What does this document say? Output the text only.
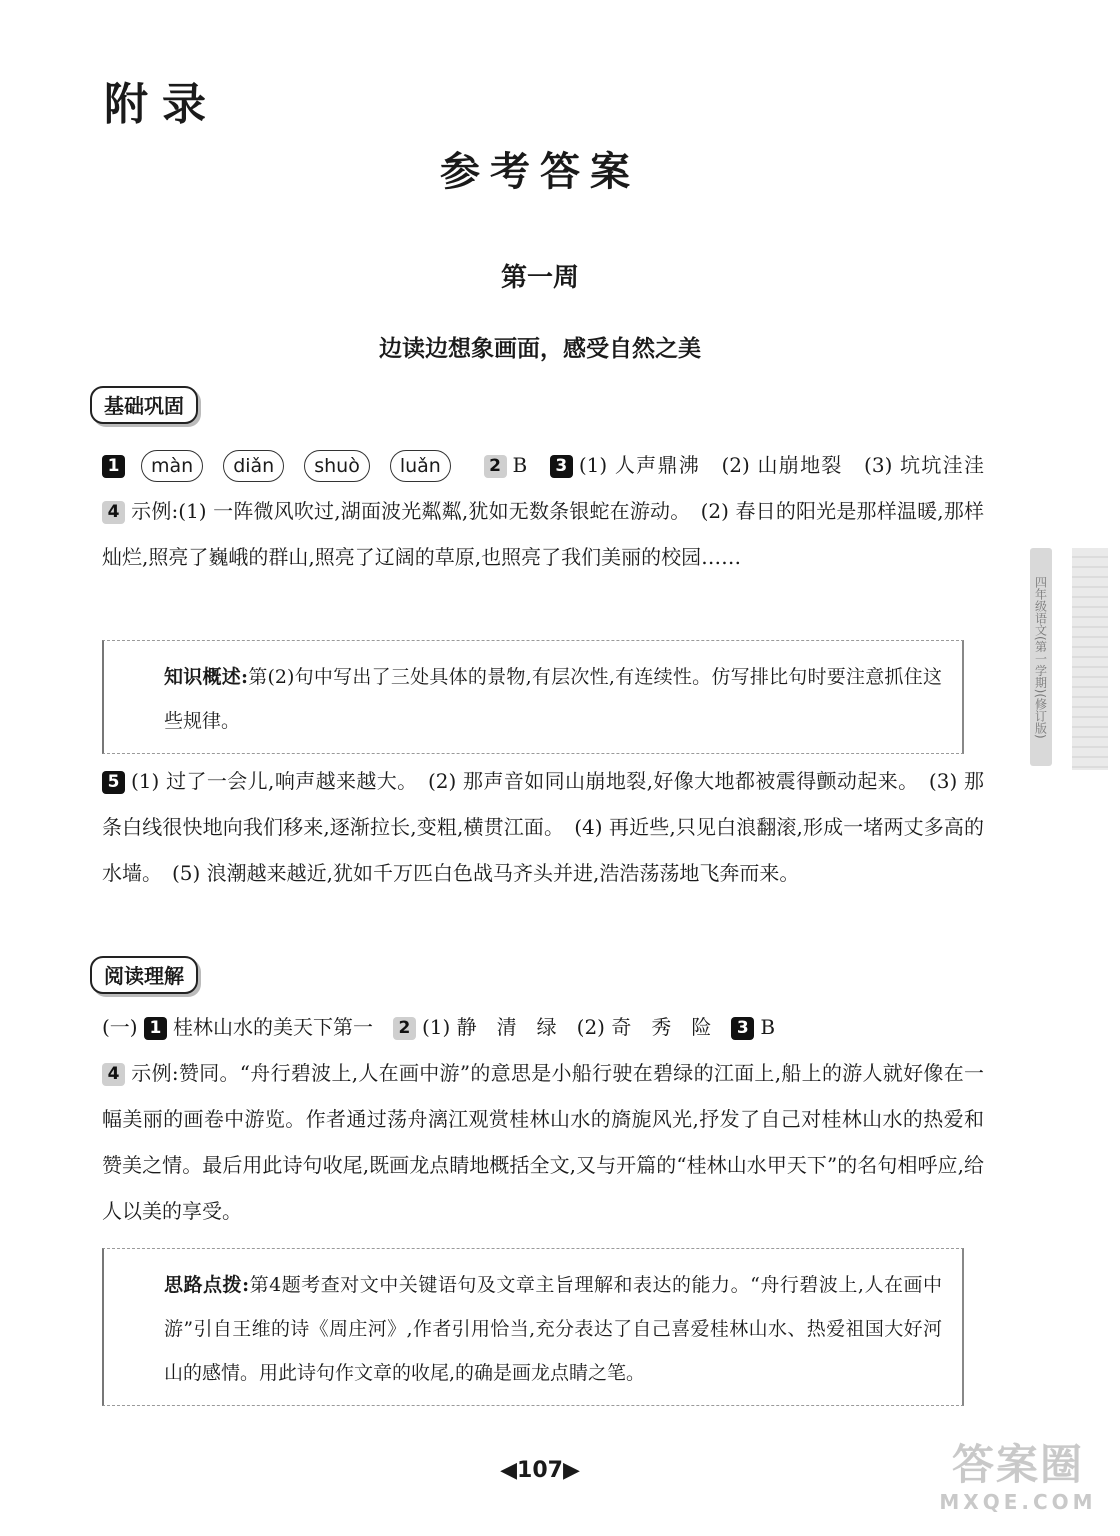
附录
参考答案
第一周
边读边想象画面，感受自然之美
基础巩固

1 màn diǎn shuò luǎn　	2 B　 3 (1) 人声鼎沸　(2) 山崩地裂　(3) 坑坑洼洼　4 示例:(1) 一阵微风吹过,湖面波光粼粼,犹如无数条银蛇在游动。　(2) 春日的阳光是那样温暖,那样灿烂,照亮了巍峨的群山,照亮了辽阔的草原,也照亮了我们美丽的校园……

知识概述:第(2)句中写出了三处具体的景物,有层次性,有连续性。仿写排比句时要注意抓住这些规律。

5 (1) 过了一会儿,响声越来越大。　(2) 那声音如同山崩地裂,好像大地都被震得颤动起来。　(3) 那条白线很快地向我们移来,逐渐拉长,变粗,横贯江面。　(4) 再近些,只见白浪翻滚,形成一堵两丈多高的水墙。　(5) 浪潮越来越近,犹如千万匹白色战马齐头并进,浩浩荡荡地飞奔而来。

阅读理解

(一) 1 桂林山水的美天下第一　 2 (1) 静　清　绿　(2) 奇　秀　险　 3 B
4 示例:赞同。“舟行碧波上,人在画中游”的意思是小船行驶在碧绿的江面上,船上的游人就好像在一幅美丽的画卷中游览。作者通过荡舟漓江观赏桂林山水的旖旎风光,抒发了自己对桂林山水的热爱和赞美之情。最后用此诗句收尾,既画龙点睛地概括全文,又与开篇的“桂林山水甲天下”的名句相呼应,给人以美的享受。

思路点拨:第4题考查对文中关键语句及文章主旨理解和表达的能力。“舟行碧波上,人在画中游”引自王维的诗《周庄河》,作者引用恰当,充分表达了自己喜爱桂林山水、热爱祖国大好河山的感情。用此诗句作文章的收尾,的确是画龙点睛之笔。
◀107▶
四年级语文(第一学期)(修订版)
答案圈
MXQE.COM
